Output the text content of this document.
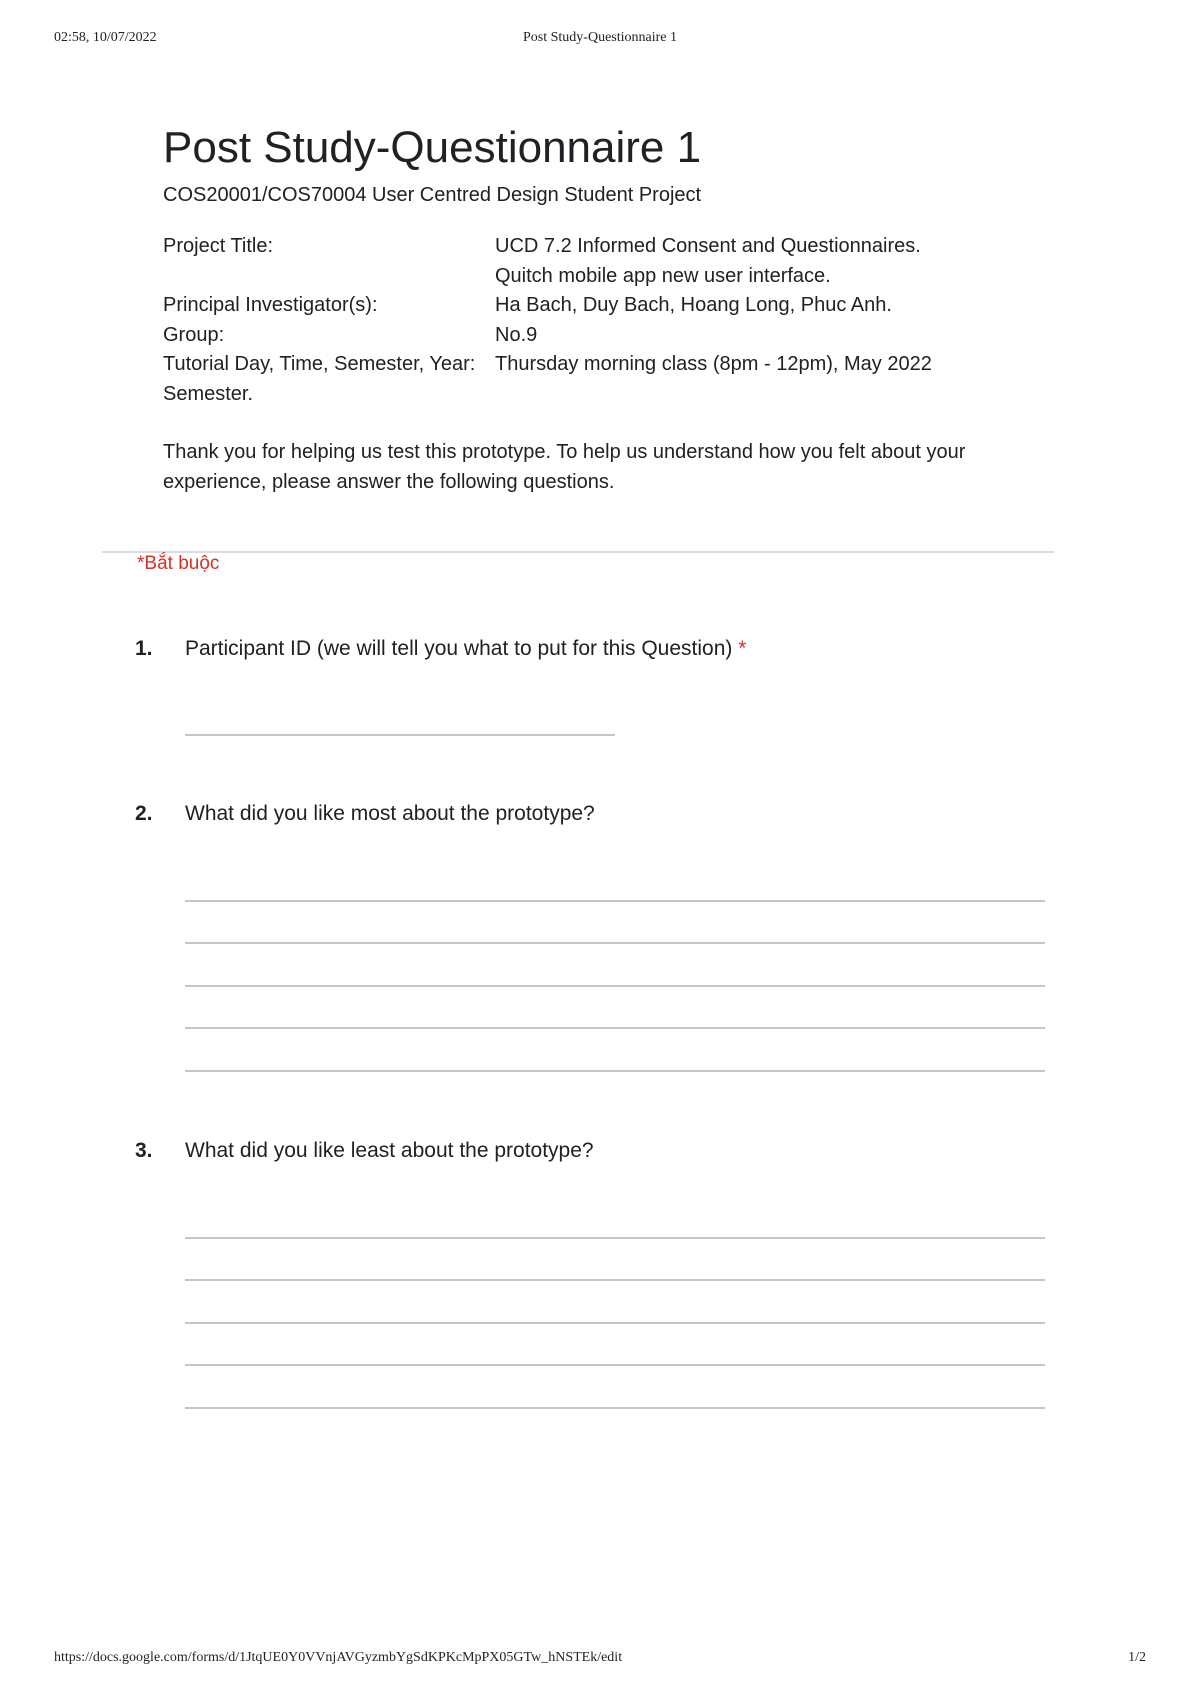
02:58, 10/07/2022	Post Study-Questionnaire 1
Post Study-Questionnaire 1
COS20001/COS70004 User Centred Design Student Project
Project Title:	UCD 7.2 Informed Consent and Questionnaires.
Quitch mobile app new user interface.
Principal Investigator(s):	Ha Bach, Duy Bach, Hoang Long, Phuc Anh.
Group:	No.9
Tutorial Day, Time, Semester, Year: Thursday morning class (8pm - 12pm), May 2022
Semester.
Thank you for helping us test this prototype. To help us understand how you felt about your experience, please answer the following questions.
*Bắt buộc
1.	Participant ID (we will tell you what to put for this Question) *
2.	What did you like most about the prototype?
3.	What did you like least about the prototype?
https://docs.google.com/forms/d/1JtqUE0Y0VVnjAVGyzmbYgSdKPKcMpPX05GTw_hNSTEk/edit	1/2
